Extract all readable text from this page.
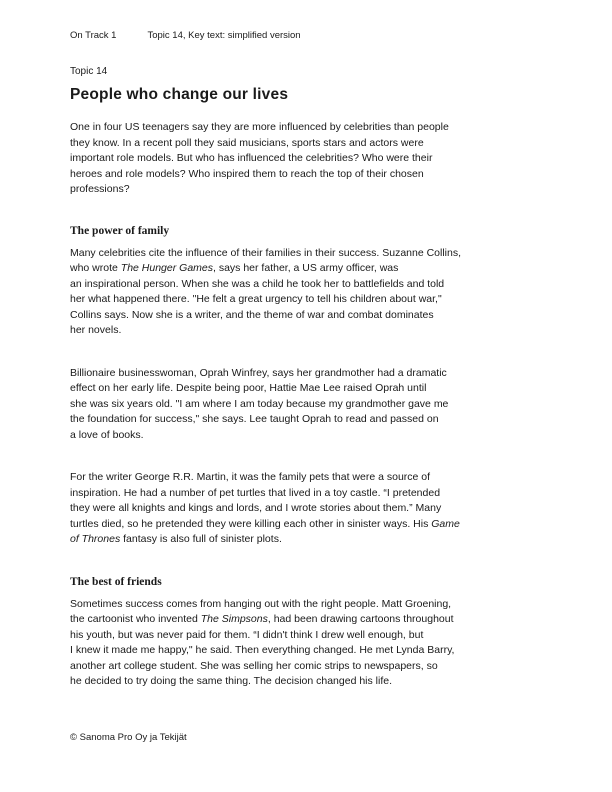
On Track 1	Topic 14, Key text: simplified version
Topic 14
People who change our lives

One in four US teenagers say they are more influenced by celebrities than people
they know. In a recent poll they said musicians, sports stars and actors were
important role models. But who has influenced the celebrities? Who were their
heroes and role models? Who inspired them to reach the top of their chosen
professions?

The power of family

Many celebrities cite the influence of their families in their success. Suzanne Collins,
who wrote The Hunger Games, says her father, a US army officer, was
an inspirational person. When she was a child he took her to battlefields and told
her what happened there. "He felt a great urgency to tell his children about war,"
Collins says. Now she is a writer, and the theme of war and combat dominates
her novels.

Billionaire businesswoman, Oprah Winfrey, says her grandmother had a dramatic
effect on her early life. Despite being poor, Hattie Mae Lee raised Oprah until
she was six years old. "I am where I am today because my grandmother gave me
the foundation for success," she says. Lee taught Oprah to read and passed on
a love of books.

For the writer George R.R. Martin, it was the family pets that were a source of
inspiration. He had a number of pet turtles that lived in a toy castle. “I pretended
they were all knights and kings and lords, and I wrote stories about them.” Many
turtles died, so he pretended they were killing each other in sinister ways. His Game
of Thrones fantasy is also full of sinister plots.

The best of friends

Sometimes success comes from hanging out with the right people. Matt Groening,
the cartoonist who invented The Simpsons, had been drawing cartoons throughout
his youth, but was never paid for them. “I didn't think I drew well enough, but
I knew it made me happy," he said. Then everything changed. He met Lynda Barry,
another art college student. She was selling her comic strips to newspapers, so
he decided to try doing the same thing. The decision changed his life.

© Sanoma Pro Oy ja Tekijät
